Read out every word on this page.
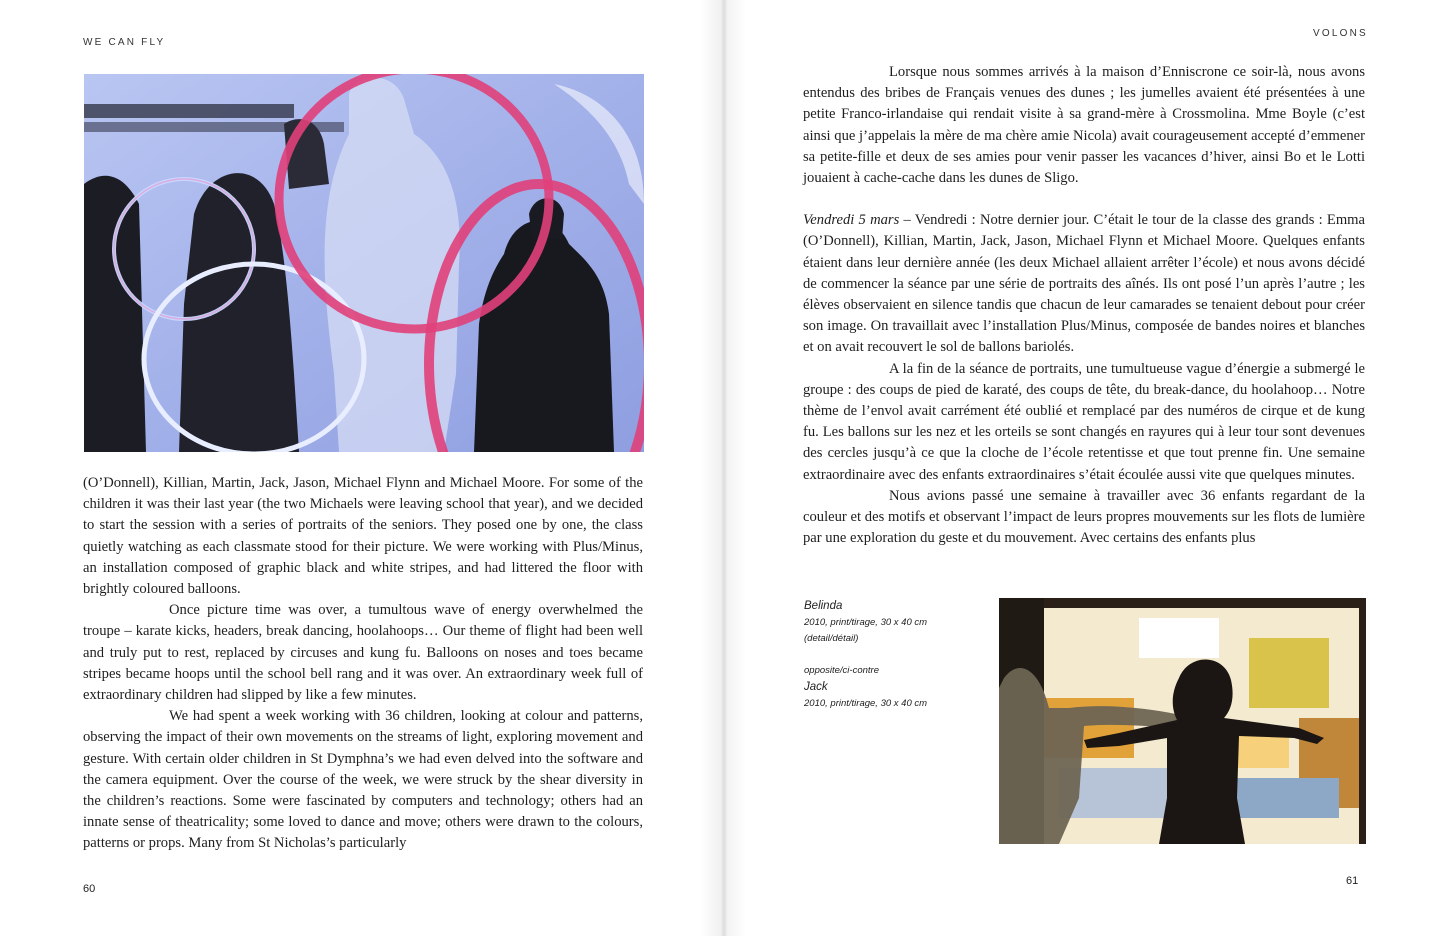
WE CAN FLY

(O’Donnell), Killian, Martin, Jack, Jason, Michael Flynn and Michael Moore. For some of the children it was their last year (the two Michaels were leaving school that year), and we decided to start the session with a series of portraits of the seniors. They posed one by one, the class quietly watching as each classmate stood for their picture. We were working with Plus/Minus, an installation composed of graphic black and white stripes, and had littered the floor with brightly coloured balloons.

Once picture time was over, a tumultous wave of energy overwhelmed the troupe – karate kicks, headers, break dancing, hoolahoops… Our theme of flight had been well and truly put to rest, replaced by circuses and kung fu. Balloons on noses and toes became stripes became hoops until the school bell rang and it was over. An extraordinary week full of extraordinary children had slipped by like a few minutes.

We had spent a week working with 36 children, looking at colour and patterns, observing the impact of their own movements on the streams of light, exploring movement and gesture. With certain older children in St Dymphna’s we had even delved into the software and the camera equipment. Over the course of the week, we were struck by the shear diversity in the children’s reactions. Some were fascinated by computers and technology; others had an innate sense of theatricality; some loved to dance and move; others were drawn to the colours, patterns or props. Many from St Nicholas’s particularly

60
VOLONS

Lorsque nous sommes arrivés à la maison d’Enniscrone ce soir-là, nous avons entendus des bribes de Français venues des dunes ; les jumelles avaient été présentées à une petite Franco-irlandaise qui rendait visite à sa grand-mère à Crossmolina. Mme Boyle (c’est ainsi que j’appelais la mère de ma chère amie Nicola) avait courageusement accepté d’emmener sa petite-fille et deux de ses amies pour venir passer les vacances d’hiver, ainsi Bo et le Lotti jouaient à cache-cache dans les dunes de Sligo.

Vendredi 5 mars – Vendredi : Notre dernier jour. C’était le tour de la classe des grands : Emma (O’Donnell), Killian, Martin, Jack, Jason, Michael Flynn et Michael Moore. Quelques enfants étaient dans leur dernière année (les deux Michael allaient arrêter l’école) et nous avons décidé de commencer la séance par une série de portraits des aînés. Ils ont posé l’un après l’autre ; les élèves observaient en silence tandis que chacun de leur camarades se tenaient debout pour créer son image. On travaillait avec l’installation Plus/Minus, composée de bandes noires et blanches et on avait recouvert le sol de ballons bariolés.

A la fin de la séance de portraits, une tumultueuse vague d’énergie a submergé le groupe : des coups de pied de karaté, des coups de tête, du break-dance, du hoolahoop… Notre thème de l’envol avait carrément été oublié et remplacé par des numéros de cirque et de kung fu. Les ballons sur les nez et les orteils se sont changés en rayures qui à leur tour sont devenues des cercles jusqu’à ce que la cloche de l’école retentisse et que tout prenne fin. Une semaine extraordinaire avec des enfants extraordinaires s’était écoulée aussi vite que quelques minutes.

Nous avions passé une semaine à travailler avec 36 enfants regardant de la couleur et des motifs et observant l’impact de leurs propres mouvements sur les flots de lumière par une exploration du geste et du mouvement. Avec certains des enfants plus

Belinda

2010, print/tirage, 30 x 40 cm

(detail/détail)

opposite/ci-contre

Jack

2010, print/tirage, 30 x 40 cm

61
